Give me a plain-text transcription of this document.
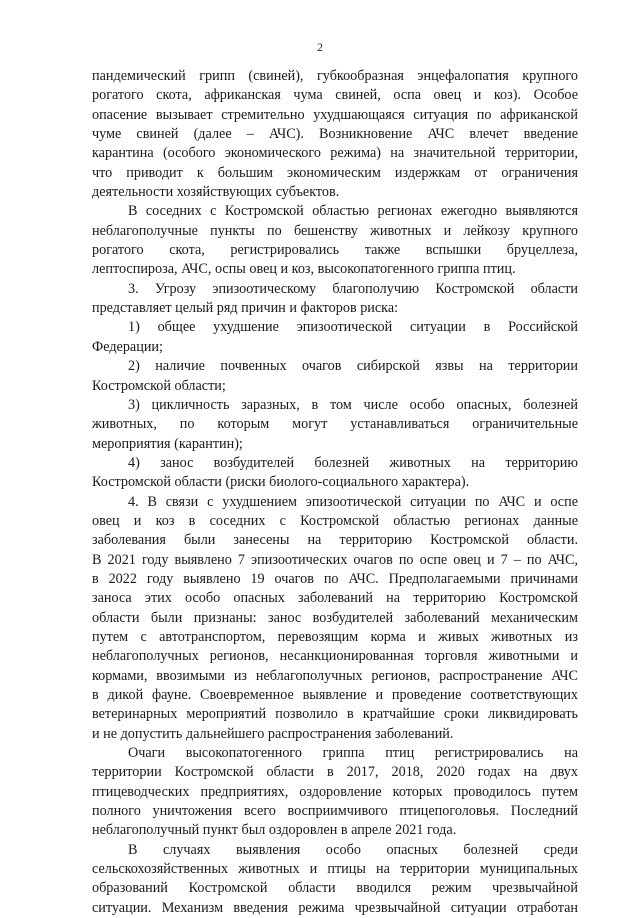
2
пандемический грипп (свиней), губкообразная энцефалопатия крупного
рогатого скота, африканская чума свиней, оспа овец и коз). Особое
опасение вызывает стремительно ухудшающаяся ситуация по африканской
чуме свиней (далее – АЧС). Возникновение АЧС влечет введение
карантина (особого экономического режима) на значительной территории,
что приводит к большим экономическим издержкам от ограничения
деятельности хозяйствующих субъектов.
В соседних с Костромской областью регионах ежегодно выявляются
неблагополучные пункты по бешенству животных и лейкозу крупного
рогатого скота, регистрировались также вспышки бруцеллеза,
лептоспироза, АЧС, оспы овец и коз, высокопатогенного гриппа птиц.
3. Угрозу эпизоотическому благополучию Костромской области
представляет целый ряд причин и факторов риска:
1) общее ухудшение эпизоотической ситуации в Российской
Федерации;
2) наличие почвенных очагов сибирской язвы на территории
Костромской области;
3) цикличность заразных, в том числе особо опасных, болезней
животных, по которым могут устанавливаться ограничительные
мероприятия (карантин);
4) занос возбудителей болезней животных на территорию
Костромской области (риски биолого-социального характера).
4. В связи с ухудшением эпизоотической ситуации по АЧС и оспе
овец и коз в соседних с Костромской областью регионах данные
заболевания были занесены на территорию Костромской области.
В 2021 году выявлено 7 эпизоотических очагов по оспе овец и 7 – по АЧС,
в 2022 году выявлено 19 очагов по АЧС. Предполагаемыми причинами
заноса этих особо опасных заболеваний на территорию Костромской
области были признаны: занос возбудителей заболеваний механическим
путем с автотранспортом, перевозящим корма и живых животных из
неблагополучных регионов, несанкционированная торговля животными и
кормами, ввозимыми из неблагополучных регионов, распространение АЧС
в дикой фауне. Своевременное выявление и проведение соответствующих
ветеринарных мероприятий позволило в кратчайшие сроки ликвидировать
и не допустить дальнейшего распространения заболеваний.
Очаги высокопатогенного гриппа птиц регистрировались на
территории Костромской области в 2017, 2018, 2020 годах на двух
птицеводческих предприятиях, оздоровление которых проводилось путем
полного уничтожения всего восприимчивого птицепоголовья. Последний
неблагополучный пункт был оздоровлен в апреле 2021 года.
В случаях выявления особо опасных болезней среди
сельскохозяйственных животных и птицы на территории муниципальных
образований Костромской области вводился режим чрезвычайной
ситуации. Механизм введения режима чрезвычайной ситуации отработан
